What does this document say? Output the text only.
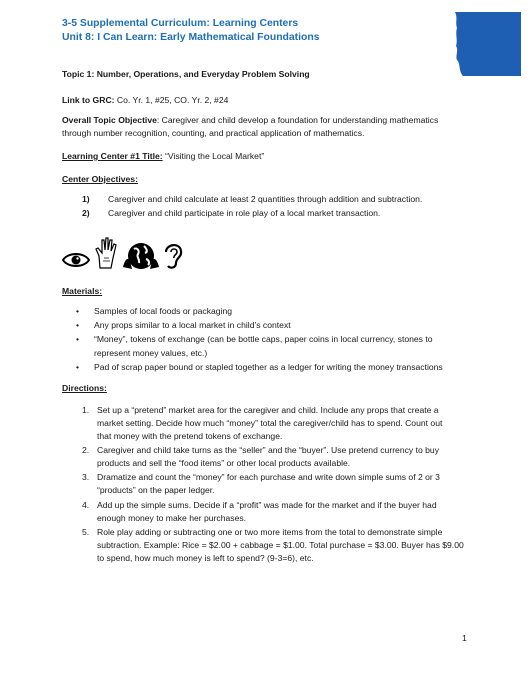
3-5 Supplemental Curriculum: Learning Centers
Unit 8: I Can Learn: Early Mathematical Foundations
Topic 1: Number, Operations, and Everyday Problem Solving
Link to GRC: Co. Yr. 1, #25, CO. Yr. 2, #24
Overall Topic Objective: Caregiver and child develop a foundation for understanding mathematics
through number recognition, counting, and practical application of mathematics.
Learning Center #1 Title: “Visiting the Local Market”
Center Objectives:
1) Caregiver and child calculate at least 2 quantities through addition and subtraction.
2) Caregiver and child participate in role play of a local market transaction.
Materials:
• Samples of local foods or packaging
• Any props similar to a local market in child’s context
• “Money”, tokens of exchange (can be bottle caps, paper coins in local currency, stones to
represent money values, etc.)
• Pad of scrap paper bound or stapled together as a ledger for writing the money transactions
Directions:
1. Set up a “pretend” market area for the caregiver and child. Include any props that create a
market setting. Decide how much “money” total the caregiver/child has to spend. Count out
that money with the pretend tokens of exchange.
2. Caregiver and child take turns as the “seller” and the “buyer”. Use pretend currency to buy
products and sell the “food items” or other local products available.
3. Dramatize and count the “money” for each purchase and write down simple sums of 2 or 3
“products” on the paper ledger.
4. Add up the simple sums. Decide if a “profit” was made for the market and if the buyer had
enough money to make her purchases.
5. Role play adding or subtracting one or two more items from the total to demonstrate simple
subtraction. Example: Rice = $2.00 + cabbage = $1.00. Total purchase = $3.00. Buyer has $9.00
to spend, how much money is left to spend? (9-3=6), etc.
1
